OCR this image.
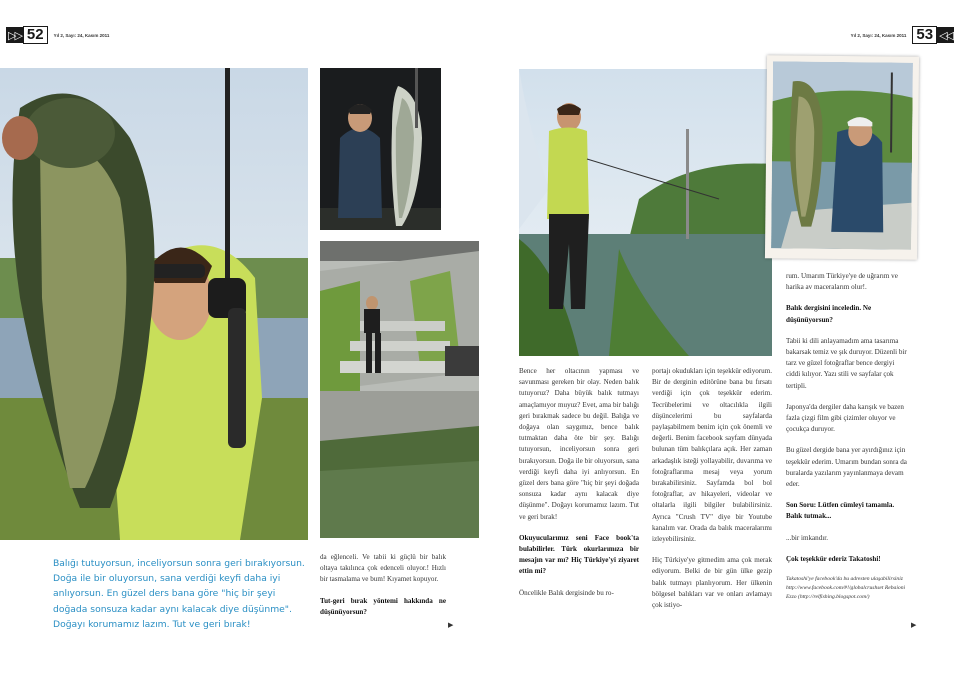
▷▷ 52	Yıl 2, Sayı: 24, Kasım 2011	Yıl 2, Sayı: 24, Kasım 2011 53 ◁◁
Balığı tutuyorsun, inceliyorsun sonra geri bırakıyorsun. Doğa ile bir oluyorsun, sana verdiği keyfi daha iyi anlıyorsun. En güzel ders bana göre "hiç bir şeyi doğada sonsuza kadar aynı kalacak diye düşünme". Doğayı korumamız lazım. Tut ve geri bırak!

da eğlenceli. Ve tabii ki güçlü bir balık oltaya takılınca çok edenceli oluyor.! Hızlı bir tasmalama ve bum! Kıyamet kopuyor.

Tut-geri bırak yöntemi hakkında ne düşünüyorsun?

▶

Bence her oltacının yapması ve savunması gereken bir olay. Neden balık tutuyoruz? Daha büyük balık tutmayı amaçlamıyor muyuz? Evet, ama bir balığı geri bırakmak sadece bu değil. Balığa ve doğaya olan saygımız, bence balık tutmaktan daha öte bir şey. Balığı tutuyorsun, inceliyorsun sonra geri bırakıyorsun. Doğa ile bir oluyorsun, sana verdiği keyfi daha iyi anlıyorsun. En güzel ders bana göre "hiç bir şeyi doğada sonsuza kadar aynı kalacak diye düşünme". Doğayı korumamız lazım. Tut ve geri bırak!

Okuyucularımız seni Face book'ta bulabilirler. Türk okurlarımıza bir mesajın var mı? Hiç Türkiye'yi ziyaret ettin mi?

Öncelikle Balık dergisinde bu ro-

portajı okudukları için teşekkür ediyorum. Bir de derginin editörüne bana bu fırsatı verdiği için çok teşekkür ederim. Tecrübelerimi ve oltacılıkla ilgili düşüncelerimi bu sayfalarda paylaşabilmem benim için çok önemli ve değerli. Benim facebook sayfam dünyada bulunan tüm balıkçılara açık. Her zaman arkadaşlık isteği yollayabilir, duvarıma ve fotoğraflarıma mesaj veya yorum bırakabilirsiniz. Sayfamda bol bol fotoğraflar, av hikayeleri, videolar ve oltalarla ilgili bilgiler bulabilirsiniz. Ayrıca "Crush TV" diye bir Youtube kanalım var. Orada da balık maceralarımı izleyebilirsiniz.

Hiç Türkiye'ye gitmedim ama çok merak ediyorum. Belki de bir gün ülke gezip balık tutmayı planlıyorum. Her ülkenin bölgesel balıkları var ve onları avlamayı çok istiyo-

rum. Umarım Türkiye'ye de uğrarım ve harika av maceralarım olur!.

Balık dergisini inceledin. Ne düşünüyorsun?

Tabii ki dili anlayamadım ama tasarıma bakarsak temiz ve şık duruyor. Düzenli bir tarz ve güzel fotoğraflar bence dergiyi ciddi kılıyor. Yazı stili ve sayfalar çok tertipli.

Japonya'da dergiler daha karışık ve bazen fazla çizgi film gibi çizimler oluyor ve çocukça duruyor.

Bu güzel dergide bana yer ayırdığınız için teşekkür ederim. Umarım bundan sonra da buralarda yazılarım yayınlanmaya devam eder.

Son Soru: Lütfen cümleyi tamamla. Balık tutmak...

...bir imkandır.

Çok teşekkür ederiz Takatoshi!

Takatoshi'ye facebook'da bu adresten ulaşabilirsiniz http://www.facebook.com/#!/globalcrushset Rebaioni Ezzo (http://relfishing.blogspot.com/)

▶
